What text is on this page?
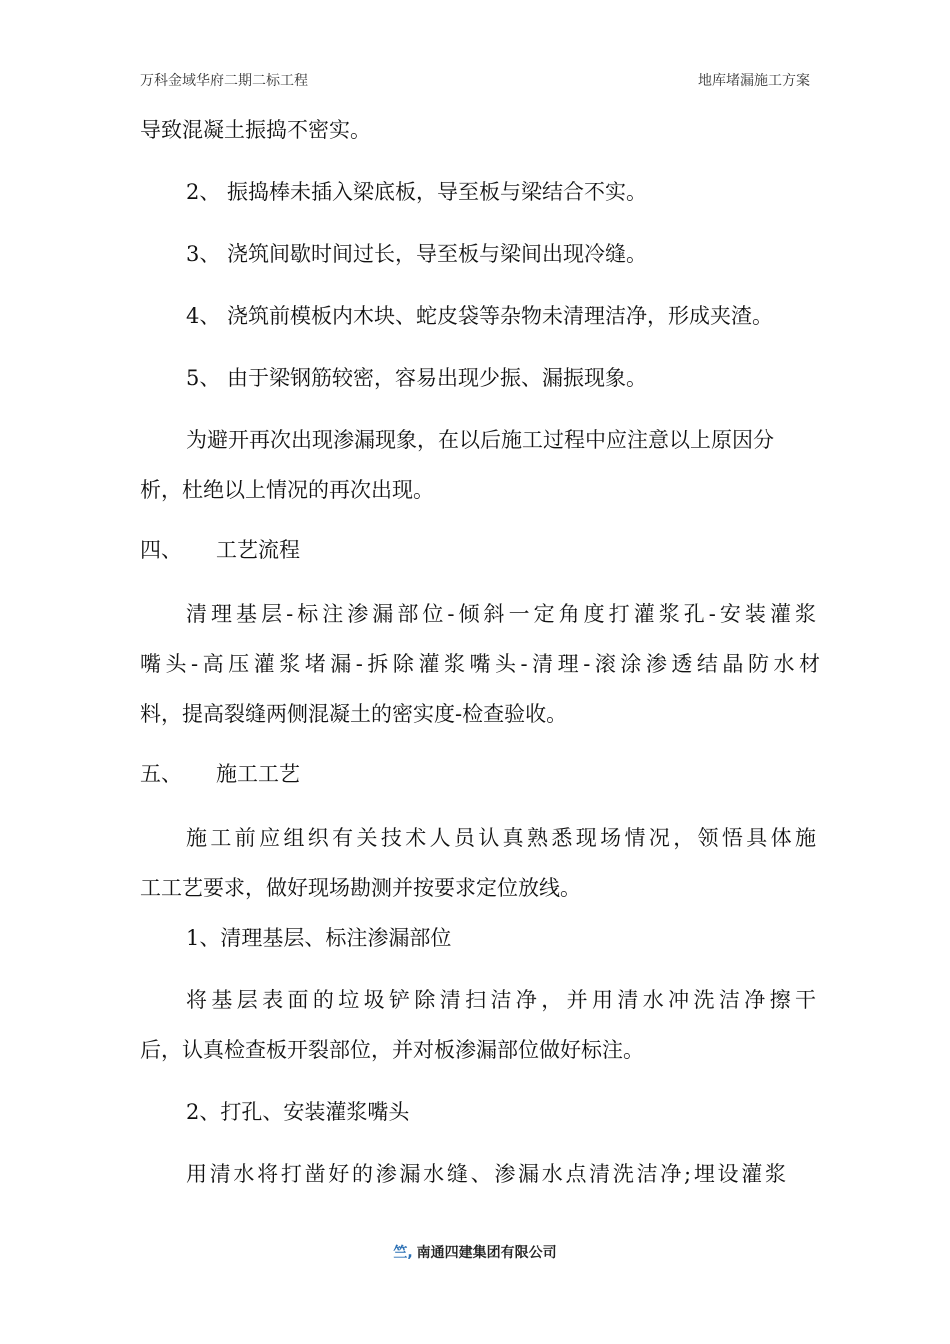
万科金域华府二期二标工程	地库堵漏施工方案
导致混凝土振捣不密实。
2、 振捣棒未插入梁底板，导至板与梁结合不实。
3、 浇筑间歇时间过长，导至板与梁间出现冷缝。
4、 浇筑前模板内木块、蛇皮袋等杂物未清理洁净，形成夹渣。
5、 由于梁钢筋较密，容易出现少振、漏振现象。
为避开再次出现渗漏现象，在以后施工过程中应注意以上原因分
析，杜绝以上情况的再次出现。
四、 工艺流程
清理基层-标注渗漏部位-倾斜一定角度打灌浆孔-安装灌浆
嘴头-高压灌浆堵漏-拆除灌浆嘴头-清理-滚涂渗透结晶防水材
料，提高裂缝两侧混凝土的密实度-检查验收。
五、 施工工艺
施工前应组织有关技术人员认真熟悉现场情况，领悟具体施
工工艺要求，做好现场勘测并按要求定位放线。
1、清理基层、标注渗漏部位
将基层表面的垃圾铲除清扫洁净，并用清水冲洗洁净擦干
后，认真检查板开裂部位，并对板渗漏部位做好标注。
2、打孔、安装灌浆嘴头
用清水将打凿好的渗漏水缝、渗漏水点清洗洁净;埋设灌浆
竺, 南通四建集团有限公司
